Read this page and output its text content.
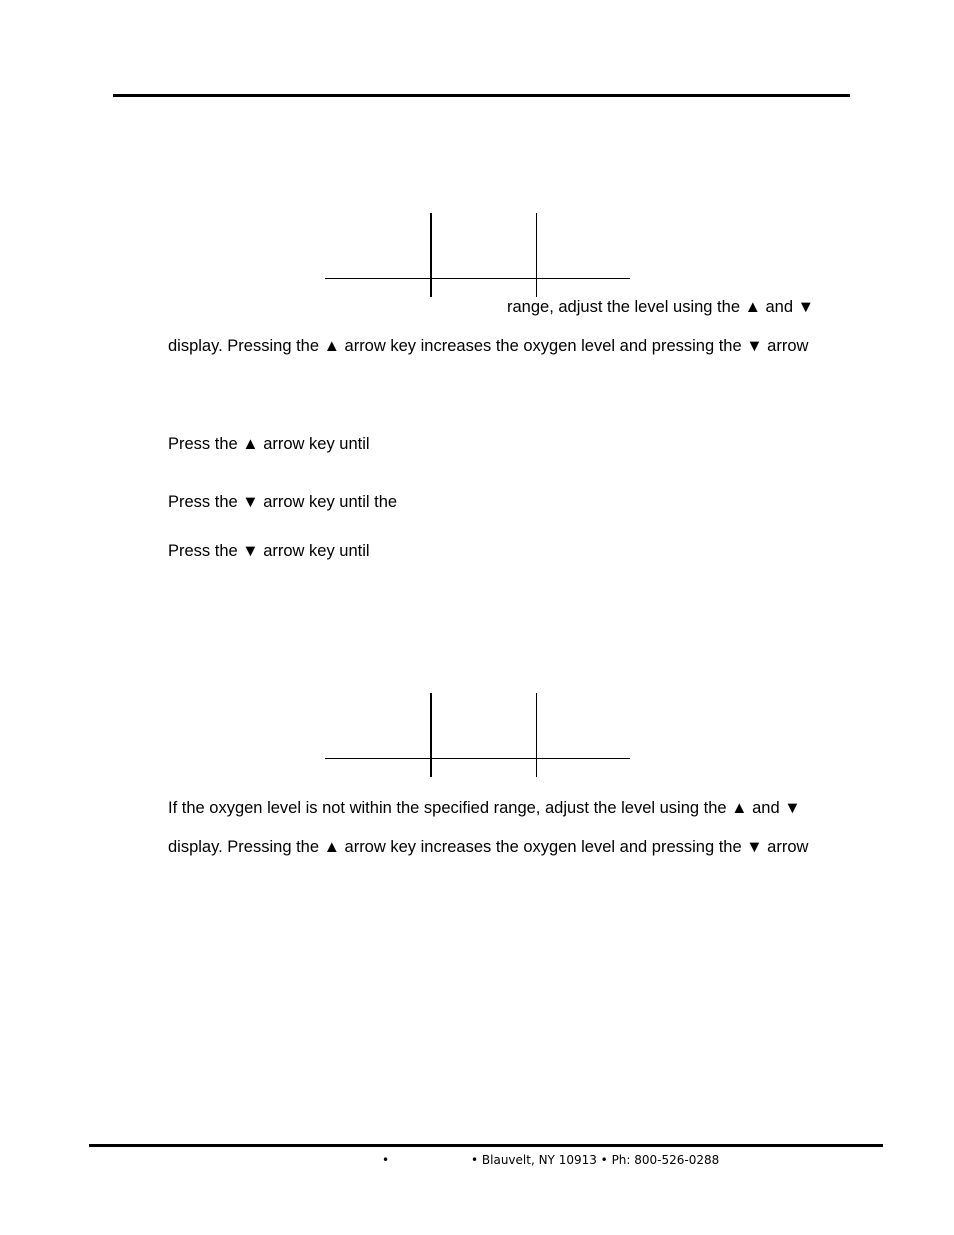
range, adjust the level using the ▲ and ▼
display. Pressing the ▲ arrow key increases the oxygen level and pressing the ▼ arrow
Press the ▲ arrow key until
Press the ▼ arrow key until the
Press the ▼ arrow key until
If the oxygen level is not within the specified range, adjust the level using the ▲ and ▼
display. Pressing the ▲ arrow key increases the oxygen level and pressing the ▼ arrow
•	• Blauvelt, NY 10913 • Ph: 800-526-0288
